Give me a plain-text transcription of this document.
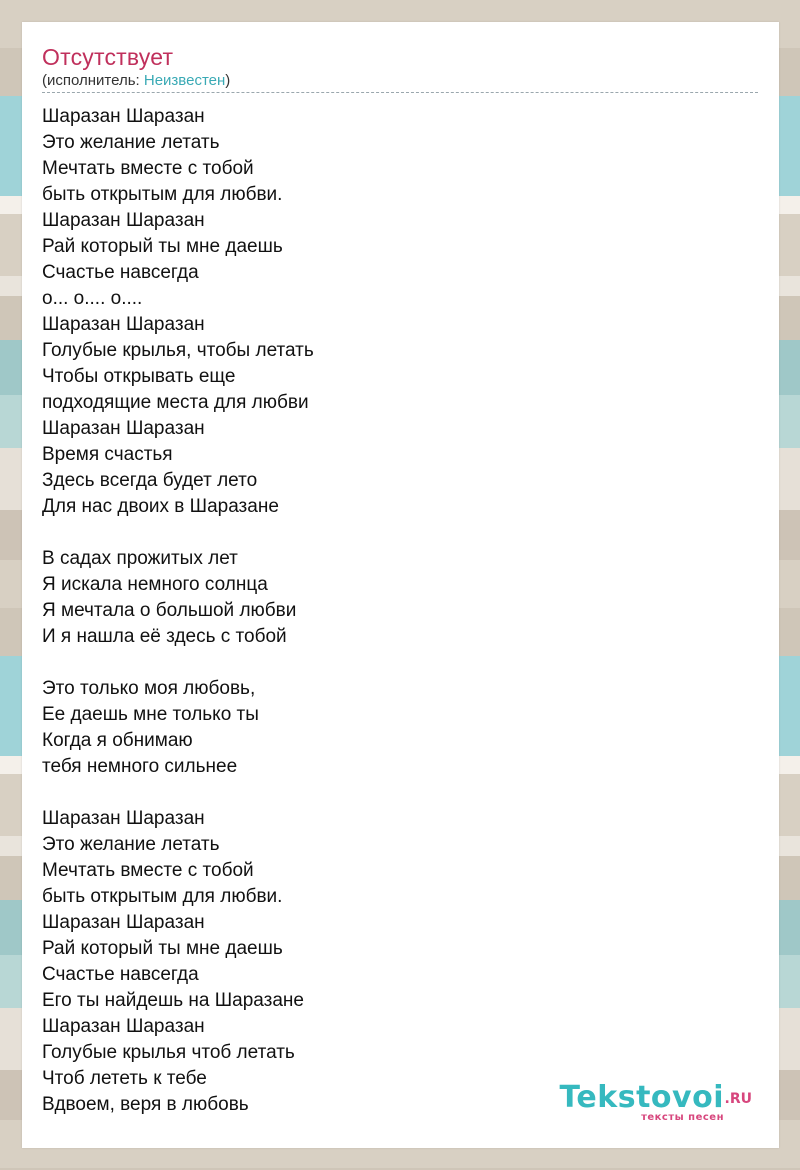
Отсутствует
(исполнитель: Неизвестен)
Шаразан Шаразан
Это желание летать
Мечтать вместе с тобой
быть открытым для любви.
Шаразан Шаразан
Рай который ты мне даешь
Счастье навсегда
о... о.... о....
Шаразан Шаразан
Голубые крылья, чтобы летать
Чтобы открывать еще
подходящие места для любви
Шаразан Шаразан
Время счастья
Здесь всегда будет лето
Для нас двоих в Шаразане
В садах прожитых лет
Я искала немного солнца
Я мечтала о большой любви
И я нашла её здесь с тобой
Это только моя любовь,
Ее даешь мне только ты
Когда я обнимаю
тебя немного сильнее
Шаразан Шаразан
Это желание летать
Мечтать вместе с тобой
быть открытым для любви.
Шаразан Шаразан
Рай который ты мне даешь
Счастье навсегда
Его ты найдешь на Шаразане
Шаразан Шаразан
Голубые крылья чтоб летать
Чтоб лететь к тебе
Вдвоем, веря в любовь	Tekstovoi .RU
тексты песен
